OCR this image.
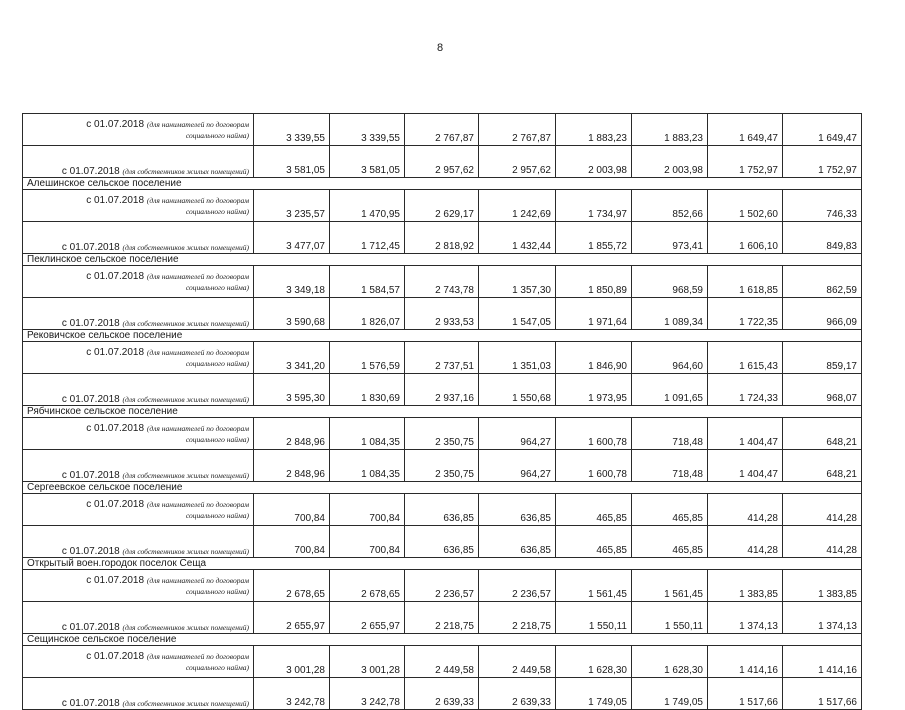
8
с 01.07.2018 (для нанимателей по договорам
социального найма)	3 339,55	3 339,55	2 767,87	2 767,87	1 883,23	1 883,23	1 649,47	1 649,47
с 01.07.2018 (для собственников жилых помещений)	3 581,05	3 581,05	2 957,62	2 957,62	2 003,98	2 003,98	1 752,97	1 752,97
Алешинское сельское поселение								
с 01.07.2018 (для нанимателей по договорам
социального найма)	3 235,57	1 470,95	2 629,17	1 242,69	1 734,97	852,66	1 502,60	746,33
с 01.07.2018 (для собственников жилых помещений)	3 477,07	1 712,45	2 818,92	1 432,44	1 855,72	973,41	1 606,10	849,83
Пеклинское сельское поселение								
с 01.07.2018 (для нанимателей по договорам
социального найма)	3 349,18	1 584,57	2 743,78	1 357,30	1 850,89	968,59	1 618,85	862,59
с 01.07.2018 (для собственников жилых помещений)	3 590,68	1 826,07	2 933,53	1 547,05	1 971,64	1 089,34	1 722,35	966,09
Рековичское сельское поселение								
с 01.07.2018 (для нанимателей по договорам
социального найма)	3 341,20	1 576,59	2 737,51	1 351,03	1 846,90	964,60	1 615,43	859,17
с 01.07.2018 (для собственников жилых помещений)	3 595,30	1 830,69	2 937,16	1 550,68	1 973,95	1 091,65	1 724,33	968,07
Рябчинское сельское поселение								
с 01.07.2018 (для нанимателей по договорам
социального найма)	2 848,96	1 084,35	2 350,75	964,27	1 600,78	718,48	1 404,47	648,21
с 01.07.2018 (для собственников жилых помещений)	2 848,96	1 084,35	2 350,75	964,27	1 600,78	718,48	1 404,47	648,21
Сергеевское сельское поселение								
с 01.07.2018 (для нанимателей по договорам
социального найма)	700,84	700,84	636,85	636,85	465,85	465,85	414,28	414,28
с 01.07.2018 (для собственников жилых помещений)	700,84	700,84	636,85	636,85	465,85	465,85	414,28	414,28
Открытый воен.городок поселок Сеща								
с 01.07.2018 (для нанимателей по договорам
социального найма)	2 678,65	2 678,65	2 236,57	2 236,57	1 561,45	1 561,45	1 383,85	1 383,85
с 01.07.2018 (для собственников жилых помещений)	2 655,97	2 655,97	2 218,75	2 218,75	1 550,11	1 550,11	1 374,13	1 374,13
Сещинское сельское поселение								
с 01.07.2018 (для нанимателей по договорам
социального найма)	3 001,28	3 001,28	2 449,58	2 449,58	1 628,30	1 628,30	1 414,16	1 414,16
с 01.07.2018 (для собственников жилых помещений)	3 242,78	3 242,78	2 639,33	2 639,33	1 749,05	1 749,05	1 517,66	1 517,66
